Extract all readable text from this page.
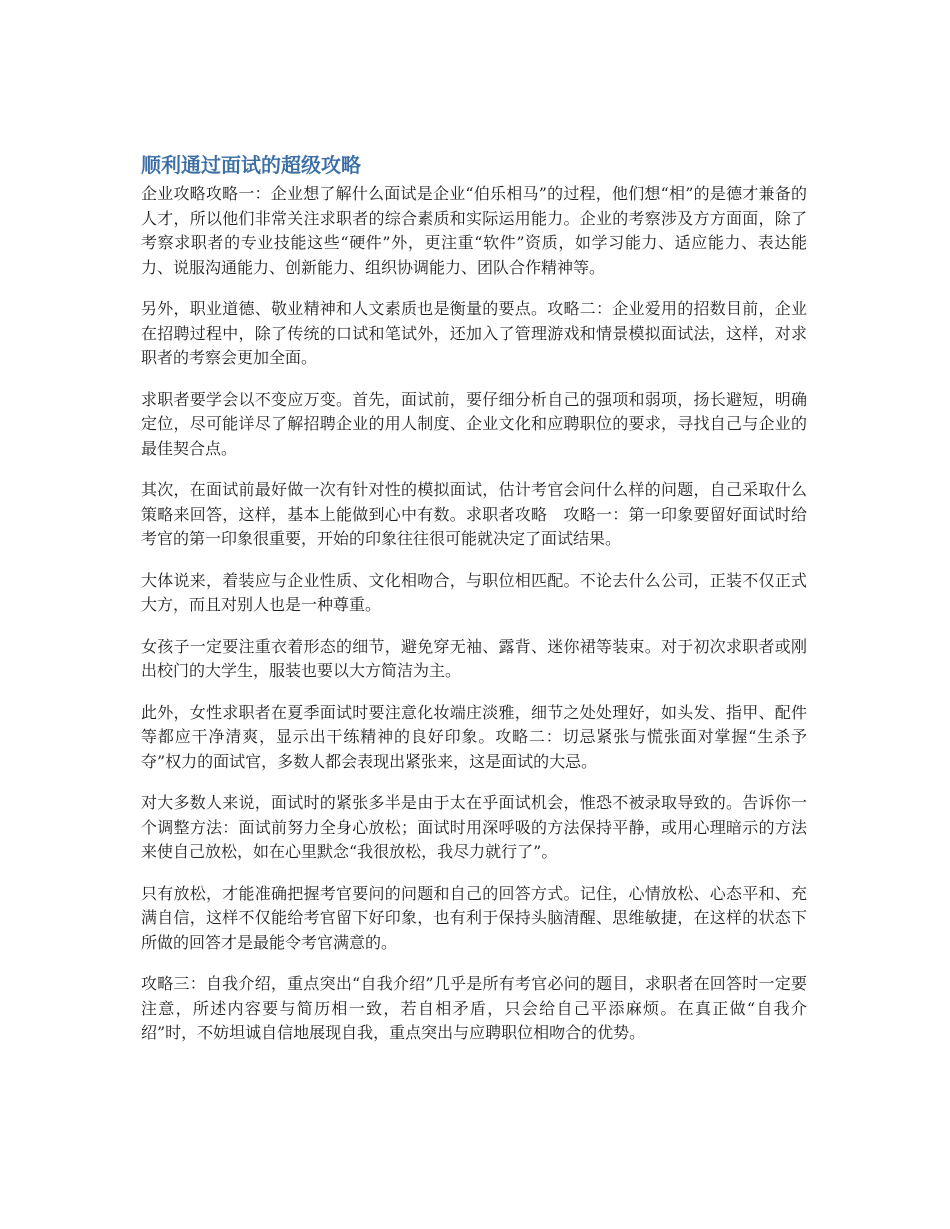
顺利通过面试的超级攻略

企业攻略攻略一：企业想了解什么面试是企业“伯乐相马”的过程，他们想“相”的是德才兼备的人才，所以他们非常关注求职者的综合素质和实际运用能力。企业的考察涉及方方面面，除了考察求职者的专业技能这些“硬件”外，更注重“软件”资质，如学习能力、适应能力、表达能力、说服沟通能力、创新能力、组织协调能力、团队合作精神等。

另外，职业道德、敬业精神和人文素质也是衡量的要点。攻略二：企业爱用的招数目前，企业在招聘过程中，除了传统的口试和笔试外，还加入了管理游戏和情景模拟面试法，这样，对求职者的考察会更加全面。

求职者要学会以不变应万变。首先，面试前，要仔细分析自己的强项和弱项，扬长避短，明确定位，尽可能详尽了解招聘企业的用人制度、企业文化和应聘职位的要求，寻找自己与企业的最佳契合点。

其次，在面试前最好做一次有针对性的模拟面试，估计考官会问什么样的问题，自己采取什么策略来回答，这样，基本上能做到心中有数。求职者攻略　攻略一：第一印象要留好面试时给考官的第一印象很重要，开始的印象往往很可能就决定了面试结果。

大体说来，着装应与企业性质、文化相吻合，与职位相匹配。不论去什么公司，正装不仅正式大方，而且对别人也是一种尊重。

女孩子一定要注重衣着形态的细节，避免穿无袖、露背、迷你裙等装束。对于初次求职者或刚出校门的大学生，服装也要以大方简洁为主。

此外，女性求职者在夏季面试时要注意化妆端庄淡雅，细节之处处理好，如头发、指甲、配件等都应干净清爽，显示出干练精神的良好印象。攻略二：切忌紧张与慌张面对掌握“生杀予夺”权力的面试官，多数人都会表现出紧张来，这是面试的大忌。

对大多数人来说，面试时的紧张多半是由于太在乎面试机会，惟恐不被录取导致的。告诉你一个调整方法：面试前努力全身心放松；面试时用深呼吸的方法保持平静，或用心理暗示的方法来使自己放松，如在心里默念“我很放松，我尽力就行了”。

只有放松，才能准确把握考官要问的问题和自己的回答方式。记住，心情放松、心态平和、充满自信，这样不仅能给考官留下好印象，也有利于保持头脑清醒、思维敏捷，在这样的状态下所做的回答才是最能令考官满意的。

攻略三：自我介绍，重点突出“自我介绍”几乎是所有考官必问的题目，求职者在回答时一定要注意，所述内容要与简历相一致，若自相矛盾，只会给自己平添麻烦。在真正做“自我介绍”时，不妨坦诚自信地展现自我，重点突出与应聘职位相吻合的优势。
